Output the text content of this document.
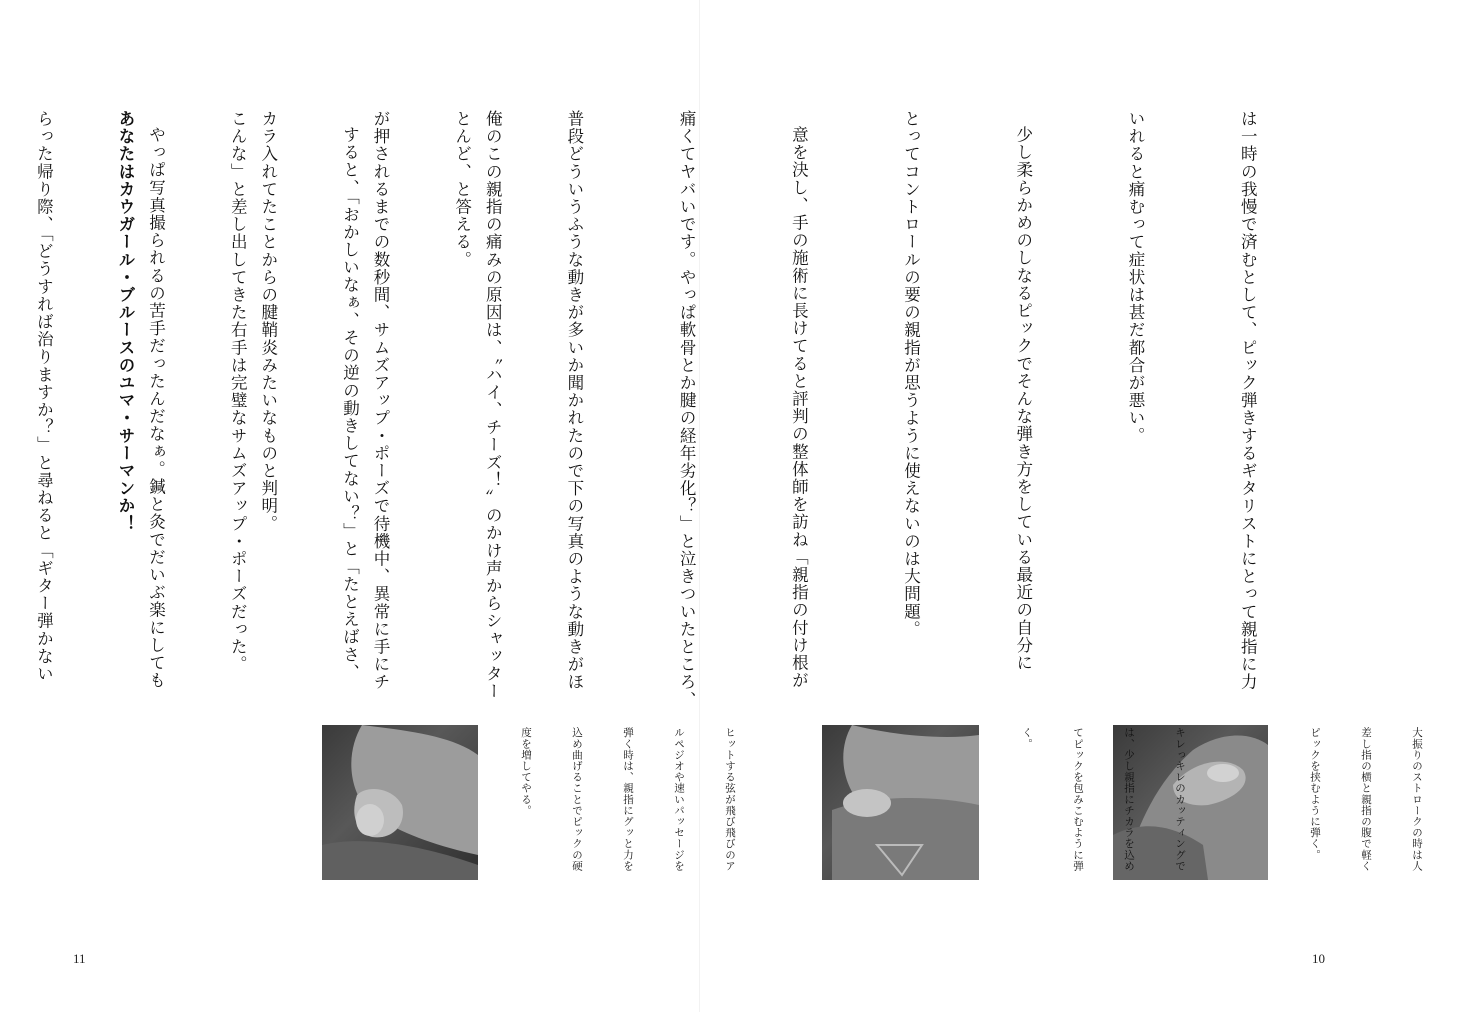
は一時の我慢で済むとして、ピック弾きするギタリストにとって親指に力

いれると痛むって症状は甚だ都合が悪い。

少し柔らかめのしなるピックでそんな弾き方をしている最近の自分に

とってコントロールの要の親指が思うように使えないのは大問題。

意を決し、手の施術に長けてると評判の整体師を訪ね「親指の付け根が

痛くてヤバいです。やっぱ軟骨とか腱の経年劣化？」と泣きついたところ、

普段どういうふうな動きが多いか聞かれたので下の写真のような動きがほ

とんど、と答える。

すると、「おかしいなぁ、その逆の動きしてない？」と「たとえばさ、

こんな」と差し出してきた右手は完璧なサムズアップ・ポーズだった。

あなたはカウガール・ブルースのユマ・サーマンか！

大振りのストロークの時は人

差し指の横と親指の腹で軽く

ピックを挟むように弾く。

キレっキレのカッティングで

は、少し親指にチカラを込め

てピックを包みこむように弾

く。

俺のこの親指の痛みの原因は、〝ハイ、チーズ！〟のかけ声からシャッター

が押されるまでの数秒間、サムズアップ・ポーズで待機中、異常に手にチ

カラ入れてたことからの腱鞘炎みたいなものと判明。

やっぱ写真撮られるの苦手だったんだなぁ。鍼と灸でだいぶ楽にしても

らった帰り際、「どうすれば治りますか？」と尋ねると「ギター弾かない

ヒットする弦が飛び飛びのア

ルペジオや速いパッセージを

弾く時は、親指にグッと力を

込め曲げることでピックの硬

度を増してやる。

11	10
